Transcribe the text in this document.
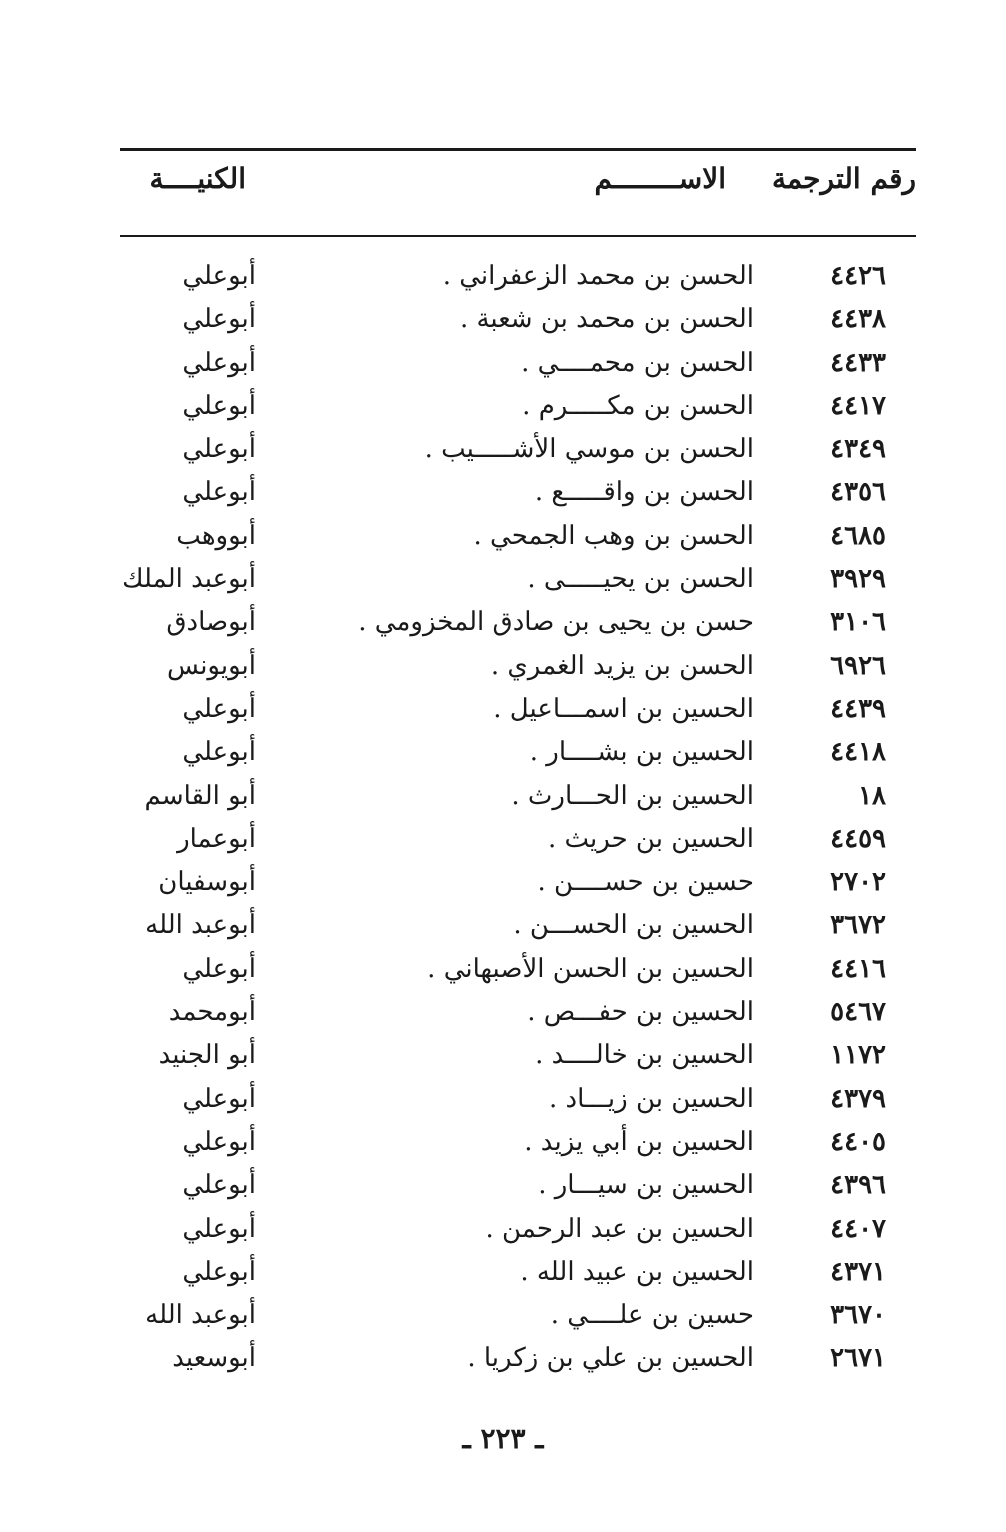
رقم الترجمة
الاســــــــم
الكنيــــة
٤٤٢٦
الحسن بن محمد الزعفراني .
أبوعلي
٤٤٣٨
الحسن بن محمد بن شعبة .
أبوعلي
٤٤٣٣
الحسن بن محمــــي .
أبوعلي
٤٤١٧
الحسن بن مكـــــرم .
أبوعلي
٤٣٤٩
الحسن بن موسي الأشـــــيب .
أبوعلي
٤٣٥٦
الحسن بن واقـــــع .
أبوعلي
٤٦٨٥
الحسن بن وهب الجمحي .
أبووهب
٣٩٢٩
الحسن بن يحيـــــى .
أبوعبد الملك
٣١٠٦
حسن بن يحيى بن صادق المخزومي .
أبوصادق
٦٩٢٦
الحسن بن يزيد الغمري .
أبويونس
٤٤٣٩
الحسين بن اسمـــاعيل .
أبوعلي
٤٤١٨
الحسين بن بشــــار .
أبوعلي
١٨
الحسين بن الحـــارث .
أبو القاسم
٤٤٥٩
الحسين بن حريث .
أبوعمار
٢٧٠٢
حسين بن حســــن .
أبوسفيان
٣٦٧٢
الحسين بن الحســـن .
أبوعبد الله
٤٤١٦
الحسين بن الحسن الأصبهاني .
أبوعلي
٥٤٦٧
الحسين بن حفـــص .
أبومحمد
١١٧٢
الحسين بن خالــــد .
أبو الجنيد
٤٣٧٩
الحسين بن زيـــاد .
أبوعلي
٤٤٠٥
الحسين بن أبي يزيد .
أبوعلي
٤٣٩٦
الحسين بن سيـــار .
أبوعلي
٤٤٠٧
الحسين بن عبد الرحمن .
أبوعلي
٤٣٧١
الحسين بن عبيد الله .
أبوعلي
٣٦٧٠
حسين بن علــــي .
أبوعبد الله
٢٦٧١
الحسين بن علي بن زكريا .
أبوسعيد
ـ ٢٢٣ ـ
